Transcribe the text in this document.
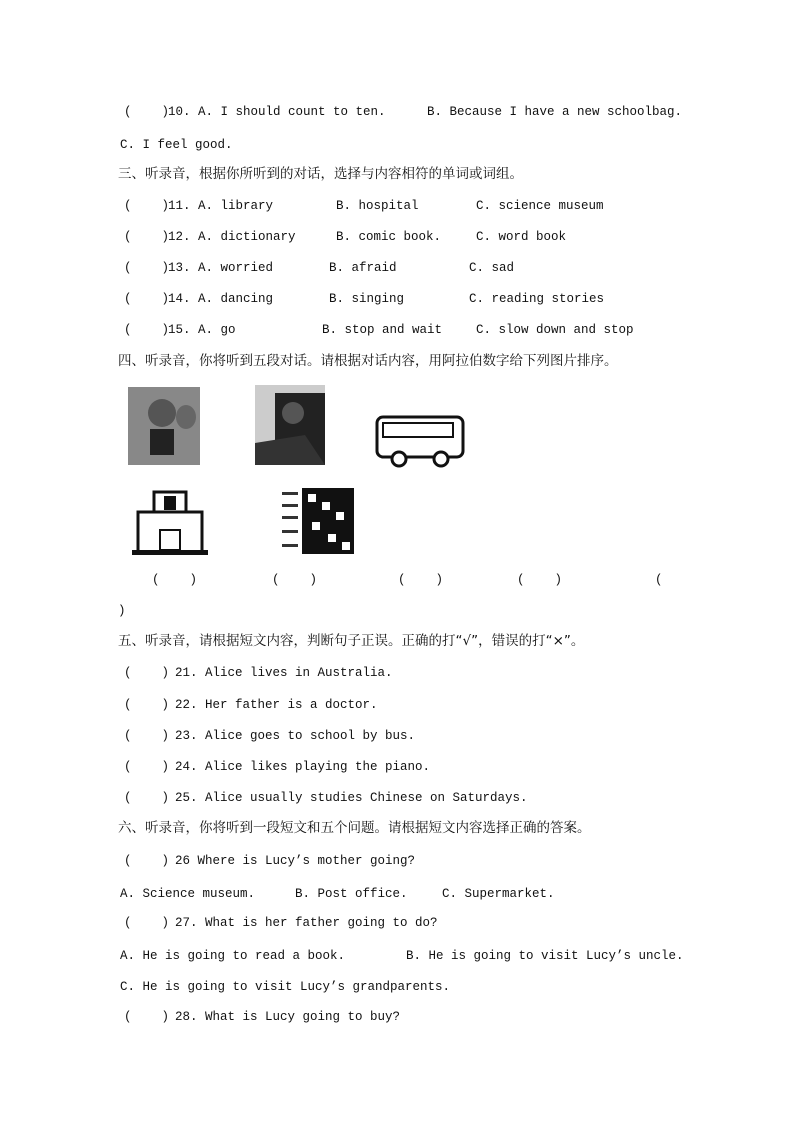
(    )
10. A. I should count to ten.	B. Because I have a new schoolbag.
C. I feel good.
三、听录音，根据你所听到的对话，选择与内容相符的单词或词组。
(    )
11. A. library	B. hospital	C. science museum
(    )
12. A. dictionary	B. comic book.	C. word book
(    )
13. A. worried	B. afraid	C. sad
(    )
14. A. dancing	B. singing	C. reading stories
(    )
15. A. go	B. stop and wait	C. slow down and stop
四、听录音，你将听到五段对话。请根据对话内容，用阿拉伯数字给下列图片排序。
(    )	(    )	(    )	(    )	(
)
五、听录音，请根据短文内容，判断句子正误。正确的打“√”，错误的打“×”。
(    ) 21. Alice lives in Australia.
(    ) 22. Her father is a doctor.
(    ) 23. Alice goes to school by bus.
(    ) 24. Alice likes playing the piano.
(    ) 25. Alice usually studies Chinese on Saturdays.
六、听录音，你将听到一段短文和五个问题。请根据短文内容选择正确的答案。
(    ) 26 Where is Lucy’s mother going?
A. Science museum.	B. Post office.	C. Supermarket.
(    ) 27. What is her father going to do?
A. He is going to read a book.	B. He is going to visit Lucy’s uncle.
C. He is going to visit Lucy’s grandparents.
(    ) 28. What is Lucy going to buy?
